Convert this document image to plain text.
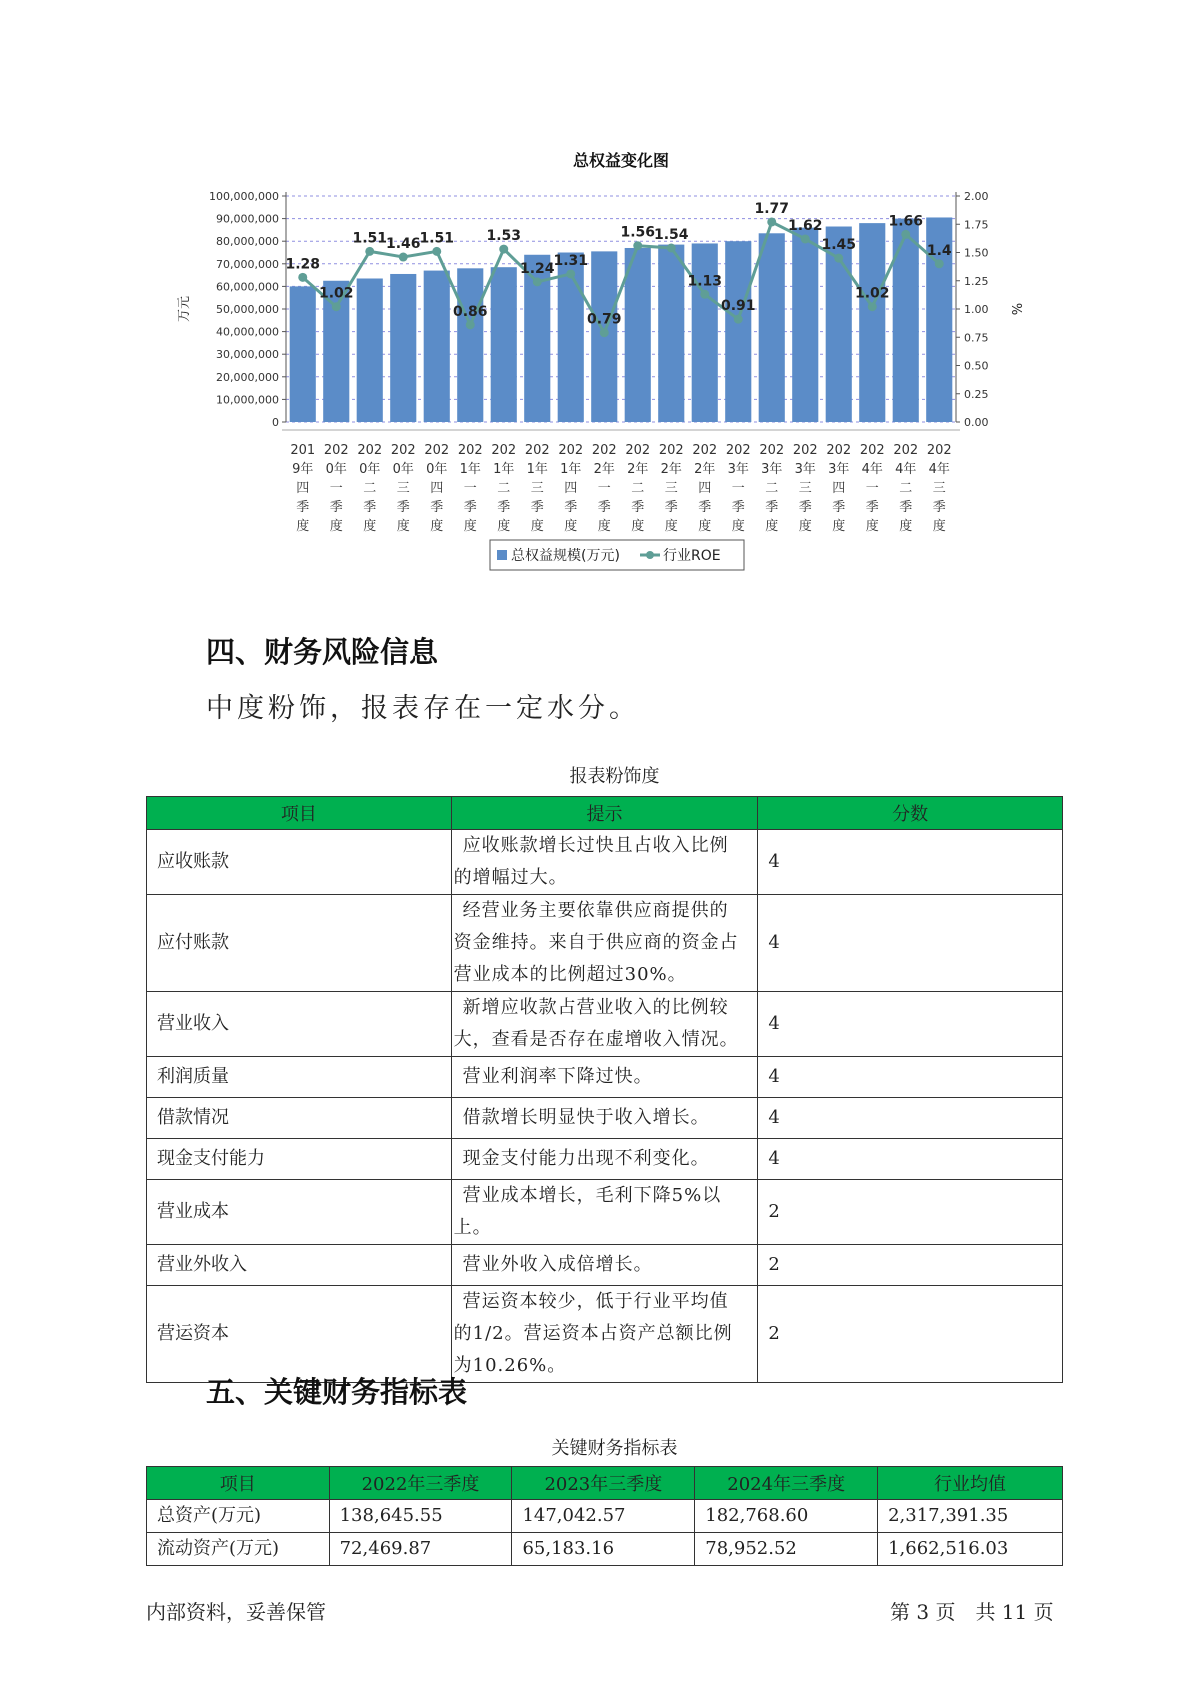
总权益变化图
0
10,000,000
20,000,000
30,000,000
40,000,000
50,000,000
60,000,000
70,000,000
80,000,000
90,000,000
100,000,000
0.00
0.25
0.50
0.75
1.00
1.25
1.50
1.75
2.00
万元	%
1.28
1.02
1.51
1.46
1.51
0.86
1.53
1.24
1.31
0.79
1.56
1.54
1.13
0.91
1.77
1.62
1.45
1.02
1.66
1.4
201
9年
四
季
度
202
0年
一
季
度
202
0年
二
季
度
202
0年
三
季
度
202
0年
四
季
度
202
1年
一
季
度
202
1年
二
季
度
202
1年
三
季
度
202
1年
四
季
度
202
2年
一
季
度
202
2年
二
季
度
202
2年
三
季
度
202
2年
四
季
度
202
3年
一
季
度
202
3年
二
季
度
202
3年
三
季
度
202
3年
四
季
度
202
4年
一
季
度
202
4年
二
季
度
202
4年
三
季
度
总权益规模(万元)	行业ROE
四、财务风险信息

中度粉饰，报表存在一定水分。

报表粉饰度
项目	提示	分数
应收账款	应收账款增长过快且占收入比例
的增幅过大。	4
应付账款	经营业务主要依靠供应商提供的
资金维持。来自于供应商的资金占
营业成本的比例超过30%。	4
营业收入	新增应收款占营业收入的比例较
大，查看是否存在虚增收入情况。	4
利润质量	营业利润率下降过快。	4
借款情况	借款增长明显快于收入增长。	4
现金支付能力	现金支付能力出现不利变化。	4
营业成本	营业成本增长，毛利下降5%以上。	2
营业外收入	营业外收入成倍增长。	2
营运资本	营运资本较少，低于行业平均值
的1/2。营运资本占资产总额比例
为10.26%。	2
五、关键财务指标表
关键财务指标表
项目	2022年三季度	2023年三季度	2024年三季度	行业均值
总资产(万元)	138,645.55	147,042.57	182,768.60	2,317,391.35
流动资产(万元)	72,469.87	65,183.16	78,952.52	1,662,516.03
内部资料，妥善保管	第 3 页　共 11 页
